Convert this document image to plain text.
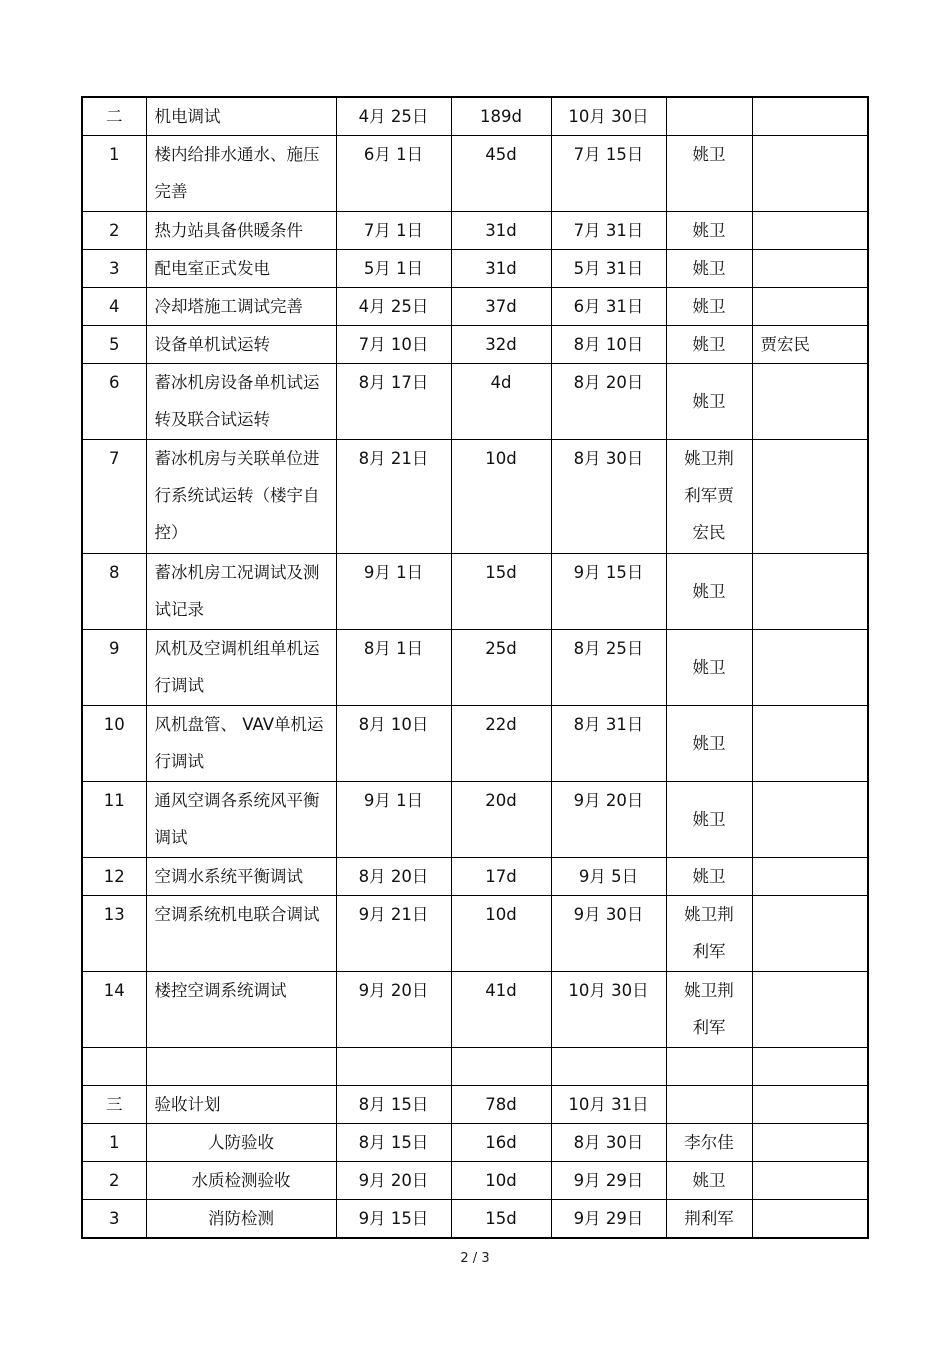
二	机电调试	4月 25日	189d	10月 30日		
1	楼内给排水通水、施压完善	6月 1日	45d	7月 15日	姚卫	
2	热力站具备供暖条件	7月 1日	31d	7月 31日	姚卫	
3	配电室正式发电	5月 1日	31d	5月 31日	姚卫	
4	冷却塔施工调试完善	4月 25日	37d	6月 31日	姚卫	
5	设备单机试运转	7月 10日	32d	8月 10日	姚卫	贾宏民
6	蓄冰机房设备单机试运转及联合试运转	8月 17日	4d	8月 20日	姚卫	
7	蓄冰机房与关联单位进行系统试运转（楼宇自控）	8月 21日	10d	8月 30日	姚卫荆利军贾宏民	
8	蓄冰机房工况调试及测试记录	9月 1日	15d	9月 15日	姚卫	
9	风机及空调机组单机运行调试	8月 1日	25d	8月 25日	姚卫	
10	风机盘管、 VAV单机运行调试	8月 10日	22d	8月 31日	姚卫	
11	通风空调各系统风平衡调试	9月 1日	20d	9月 20日	姚卫	
12	空调水系统平衡调试	8月 20日	17d	9月 5日	姚卫	
13	空调系统机电联合调试	9月 21日	10d	9月 30日	姚卫荆利军	
14	楼控空调系统调试	9月 20日	41d	10月 30日	姚卫荆利军	

三	验收计划	8月 15日	78d	10月 31日		
1	人防验收	8月 15日	16d	8月 30日	李尔佳	
2	水质检测验收	9月 20日	10d	9月 29日	姚卫	
3	消防检测	9月 15日	15d	9月 29日	荆利军	
2 / 3
